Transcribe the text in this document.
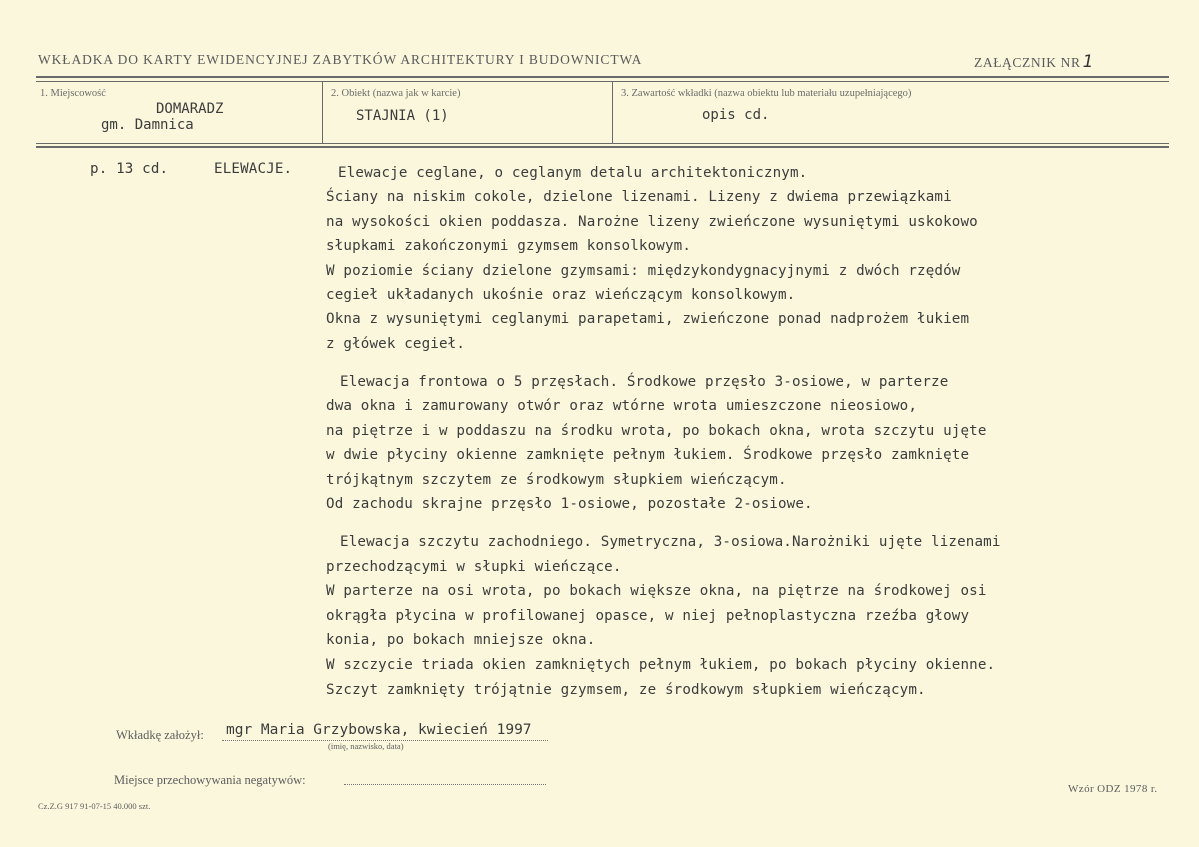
WKŁADKA DO KARTY EWIDENCYJNEJ ZABYTKÓW ARCHITEKTURY I BUDOWNICTWA	ZAŁĄCZNIK NR 1
1. Miejscowość
DOMARADZ
gm. Damnica
2. Obiekt (nazwa jak w karcie)
STAJNIA (1)
3. Zawartość wkładki (nazwa obiektu lub materiału uzupełniającego)
opis cd.
p. 13 cd.	ELEWACJE.	Elewacje ceglane, o ceglanym detalu architektonicznym.
Ściany na niskim cokole, dzielone lizenami. Lizeny z dwiema przewiązkami
na wysokości okien poddasza. Narożne lizeny zwieńczone wysuniętymi uskokowo
słupkami zakończonymi gzymsem konsolkowym.
W poziomie ściany dzielone gzymsami: międzykondygnacyjnymi z dwóch rzędów
cegieł układanych ukośnie oraz wieńczącym konsolkowym.
Okna z wysuniętymi ceglanymi parapetami, zwieńczone ponad nadprożem łukiem
z główek cegieł.
Elewacja frontowa o 5 przęsłach. Środkowe przęsło 3-osiowe, w parterze
dwa okna i zamurowany otwór oraz wtórne wrota umieszczone nieosiowo,
na piętrze i w poddaszu na środku wrota, po bokach okna, wrota szczytu ujęte
w dwie płyciny okienne zamknięte pełnym łukiem. Środkowe przęsło zamknięte
trójkątnym szczytem ze środkowym słupkiem wieńczącym.
Od zachodu skrajne przęsło 1-osiowe, pozostałe 2-osiowe.
Elewacja szczytu zachodniego. Symetryczna, 3-osiowa.Narożniki ujęte lizenami
przechodzącymi w słupki wieńczące.
W parterze na osi wrota, po bokach większe okna, na piętrze na środkowej osi
okrągła płycina w profilowanej opasce, w niej pełnoplastyczna rzeźba głowy
konia, po bokach mniejsze okna.
W szczycie triada okien zamkniętych pełnym łukiem, po bokach płyciny okienne.
Szczyt zamknięty trójątnie gzymsem, ze środkowym słupkiem wieńczącym.
Wkładkę założył: mgr Maria Grzybowska, kwiecień 1997
(imię, nazwisko, data)
Miejsce przechowywania negatywów:
Cz.Z.G 917 91-07-15 40.000 szt.
Wzór ODZ 1978 r.
